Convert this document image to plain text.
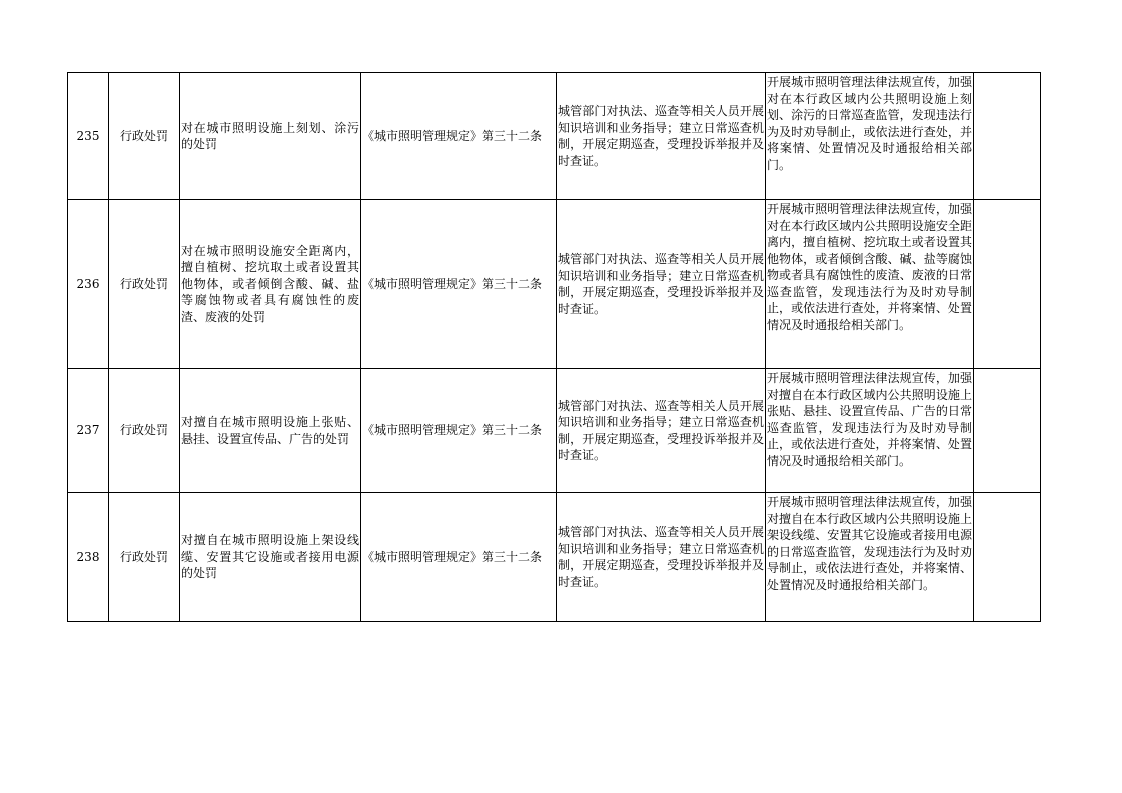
235	行政处罚	对在城市照明设施上刻划、涂污的处罚	《城市照明管理规定》第三十二条	城管部门对执法、巡查等相关人员开展知识培训和业务指导；建立日常巡查机制，开展定期巡查，受理投诉举报并及时查证。	开展城市照明管理法律法规宣传，加强对在本行政区域内公共照明设施上刻划、涂污的日常巡查监管，发现违法行为及时劝导制止，或依法进行查处，并将案情、处置情况及时通报给相关部门。	
236	行政处罚	对在城市照明设施安全距离内，擅自植树、挖坑取土或者设置其他物体，或者倾倒含酸、碱、盐等腐蚀物或者具有腐蚀性的废渣、废液的处罚	《城市照明管理规定》第三十二条	城管部门对执法、巡查等相关人员开展知识培训和业务指导；建立日常巡查机制，开展定期巡查，受理投诉举报并及时查证。	开展城市照明管理法律法规宣传，加强对在本行政区域内公共照明设施安全距离内，擅自植树、挖坑取土或者设置其他物体，或者倾倒含酸、碱、盐等腐蚀物或者具有腐蚀性的废渣、废液的日常巡查监管，发现违法行为及时劝导制止，或依法进行查处，并将案情、处置情况及时通报给相关部门。	
237	行政处罚	对擅自在城市照明设施上张贴、悬挂、设置宣传品、广告的处罚	《城市照明管理规定》第三十二条	城管部门对执法、巡查等相关人员开展知识培训和业务指导；建立日常巡查机制，开展定期巡查，受理投诉举报并及时查证。	开展城市照明管理法律法规宣传，加强对擅自在本行政区域内公共照明设施上张贴、悬挂、设置宣传品、广告的日常巡查监管，发现违法行为及时劝导制止，或依法进行查处，并将案情、处置情况及时通报给相关部门。	
238	行政处罚	对擅自在城市照明设施上架设线缆、安置其它设施或者接用电源的处罚	《城市照明管理规定》第三十二条	城管部门对执法、巡查等相关人员开展知识培训和业务指导；建立日常巡查机制，开展定期巡查，受理投诉举报并及时查证。	开展城市照明管理法律法规宣传，加强对擅自在本行政区域内公共照明设施上架设线缆、安置其它设施或者接用电源的日常巡查监管，发现违法行为及时劝导制止，或依法进行查处，并将案情、处置情况及时通报给相关部门。	
